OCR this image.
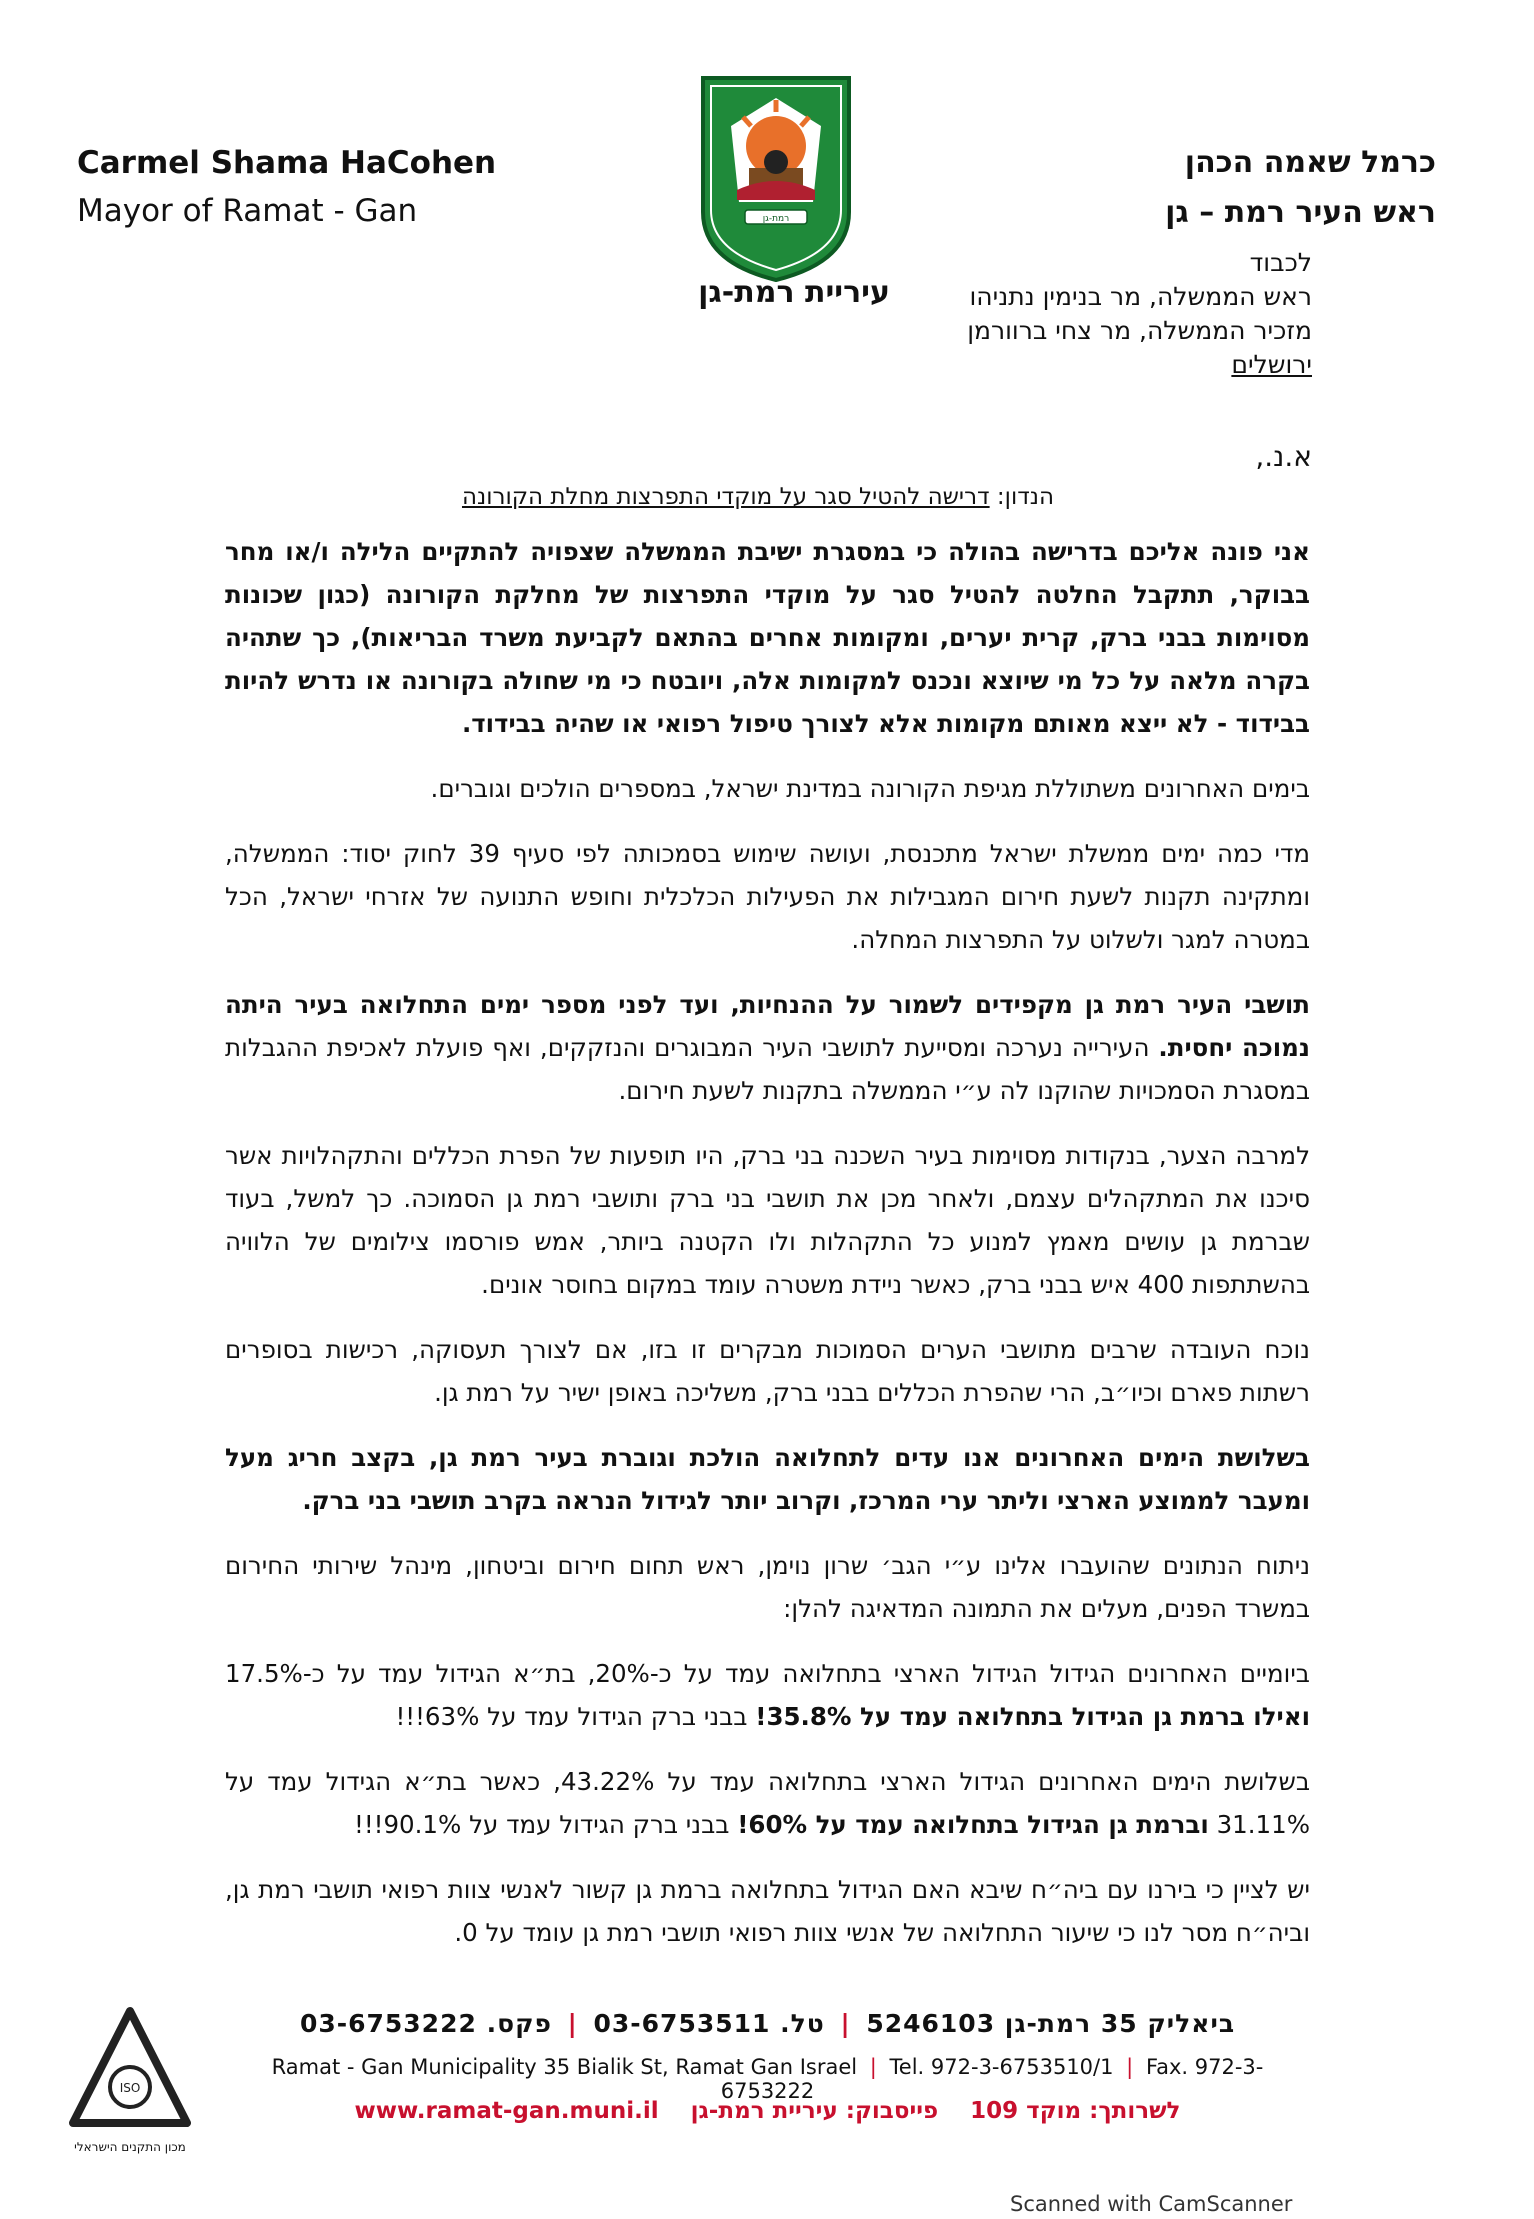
Carmel Shama HaCohen
Mayor of Ramat - Gan	רמת-גן
עיריית רמת-גן
כרמל שאמה הכהן
ראש העיר רמת – גן
לכבוד
ראש הממשלה, מר בנימין נתניהו
מזכיר הממשלה, מר צחי ברוורמן
ירושלים
א.נ.,
הנדון: דרישה להטיל סגר על מוקדי התפרצות מחלת הקורונה

אני פונה אליכם בדרישה בהולה כי במסגרת ישיבת הממשלה שצפויה להתקיים הלילה ו/או מחר בבוקר, תתקבל החלטה להטיל סגר על מוקדי התפרצות של מחלקת הקורונה (כגון שכונות מסוימות בבני ברק, קרית יערים, ומקומות אחרים בהתאם לקביעת משרד הבריאות), כך שתהיה בקרה מלאה על כל מי שיוצא ונכנס למקומות אלה, ויובטח כי מי שחולה בקורונה או נדרש להיות בבידוד - לא ייצא מאותם מקומות אלא לצורך טיפול רפואי או שהיה בבידוד.

בימים האחרונים משתוללת מגיפת הקורונה במדינת ישראל, במספרים הולכים וגוברים.

מדי כמה ימים ממשלת ישראל מתכנסת, ועושה שימוש בסמכותה לפי סעיף 39 לחוק יסוד: הממשלה, ומתקינה תקנות לשעת חירום המגבילות את הפעילות הכלכלית וחופש התנועה של אזרחי ישראל, הכל במטרה למגר ולשלוט על התפרצות המחלה.

תושבי העיר רמת גן מקפידים לשמור על ההנחיות, ועד לפני מספר ימים התחלואה בעיר היתה נמוכה יחסית. העירייה נערכה ומסייעת לתושבי העיר המבוגרים והנזקקים, ואף פועלת לאכיפת ההגבלות במסגרת הסמכויות שהוקנו לה ע״י הממשלה בתקנות לשעת חירום.

למרבה הצער, בנקודות מסוימות בעיר השכנה בני ברק, היו תופעות של הפרת הכללים והתקהלויות אשר סיכנו את המתקהלים עצמם, ולאחר מכן את תושבי בני ברק ותושבי רמת גן הסמוכה. כך למשל, בעוד שברמת גן עושים מאמץ למנוע כל התקהלות ולו הקטנה ביותר, אמש פורסמו צילומים של הלוויה בהשתתפות 400 איש בבני ברק, כאשר ניידת משטרה עומד במקום בחוסר אונים.

נוכח העובדה שרבים מתושבי הערים הסמוכות מבקרים זו בזו, אם לצורך תעסוקה, רכישות בסופרים רשתות פארם וכיו״ב, הרי שהפרת הכללים בבני ברק, משליכה באופן ישיר על רמת גן.

בשלושת הימים האחרונים אנו עדים לתחלואה הולכת וגוברת בעיר רמת גן, בקצב חריג מעל ומעבר לממוצע הארצי וליתר ערי המרכז, וקרוב יותר לגידול הנראה בקרב תושבי בני ברק.

ניתוח הנתונים שהועברו אלינו ע״י הגב׳ שרון נוימן, ראש תחום חירום וביטחון, מינהל שירותי החירום במשרד הפנים, מעלים את התמונה המדאיגה להלן:

ביומיים האחרונים הגידול הגידול הארצי בתחלואה עמד על כ-20%, בת״א הגידול עמד על כ-17.5% ואילו ברמת גן הגידול בתחלואה עמד על 35.8%! בבני ברק הגידול עמד על 63%!!!

בשלושת הימים האחרונים הגידול הארצי בתחלואה עמד על 43.22%, כאשר בת״א הגידול עמד על 31.11% וברמת גן הגידול בתחלואה עמד על 60%! בבני ברק הגידול עמד על 90.1%!!!

יש לציין כי בירנו עם ביה״ח שיבא האם הגידול בתחלואה ברמת גן קשור לאנשי צוות רפואי תושבי רמת גן, וביה״ח מסר לנו כי שיעור התחלואה של אנשי צוות רפואי תושבי רמת גן עומד על 0.

ביאליק 35 רמת-גן 5246103 | טל. 03-6753511 | פקס. 03-6753222
Ramat - Gan Municipality 35 Bialik St, Ramat Gan Israel | Tel. 972-3-6753510/1 | Fax. 972-3-6753222
לשרותך: מוקד 109 פייסבוק: עיריית רמת-גן www.ramat-gan.muni.il
ISO
מכון התקנים הישראלי
Scanned with CamScanner
